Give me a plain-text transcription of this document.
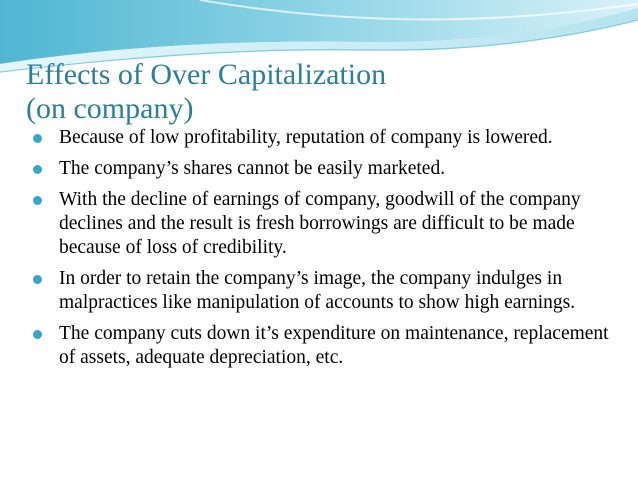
Effects of Over Capitalization
(on company)
Because of low profitability, reputation of company is lowered.
The company’s shares cannot be easily marketed.
With the decline of earnings of company, goodwill of the company declines and the result is fresh borrowings are difficult to be made because of loss of credibility.
In order to retain the company’s image, the company indulges in malpractices like manipulation of accounts to show high earnings.
The company cuts down it’s expenditure on maintenance, replacement of assets, adequate depreciation, etc.
